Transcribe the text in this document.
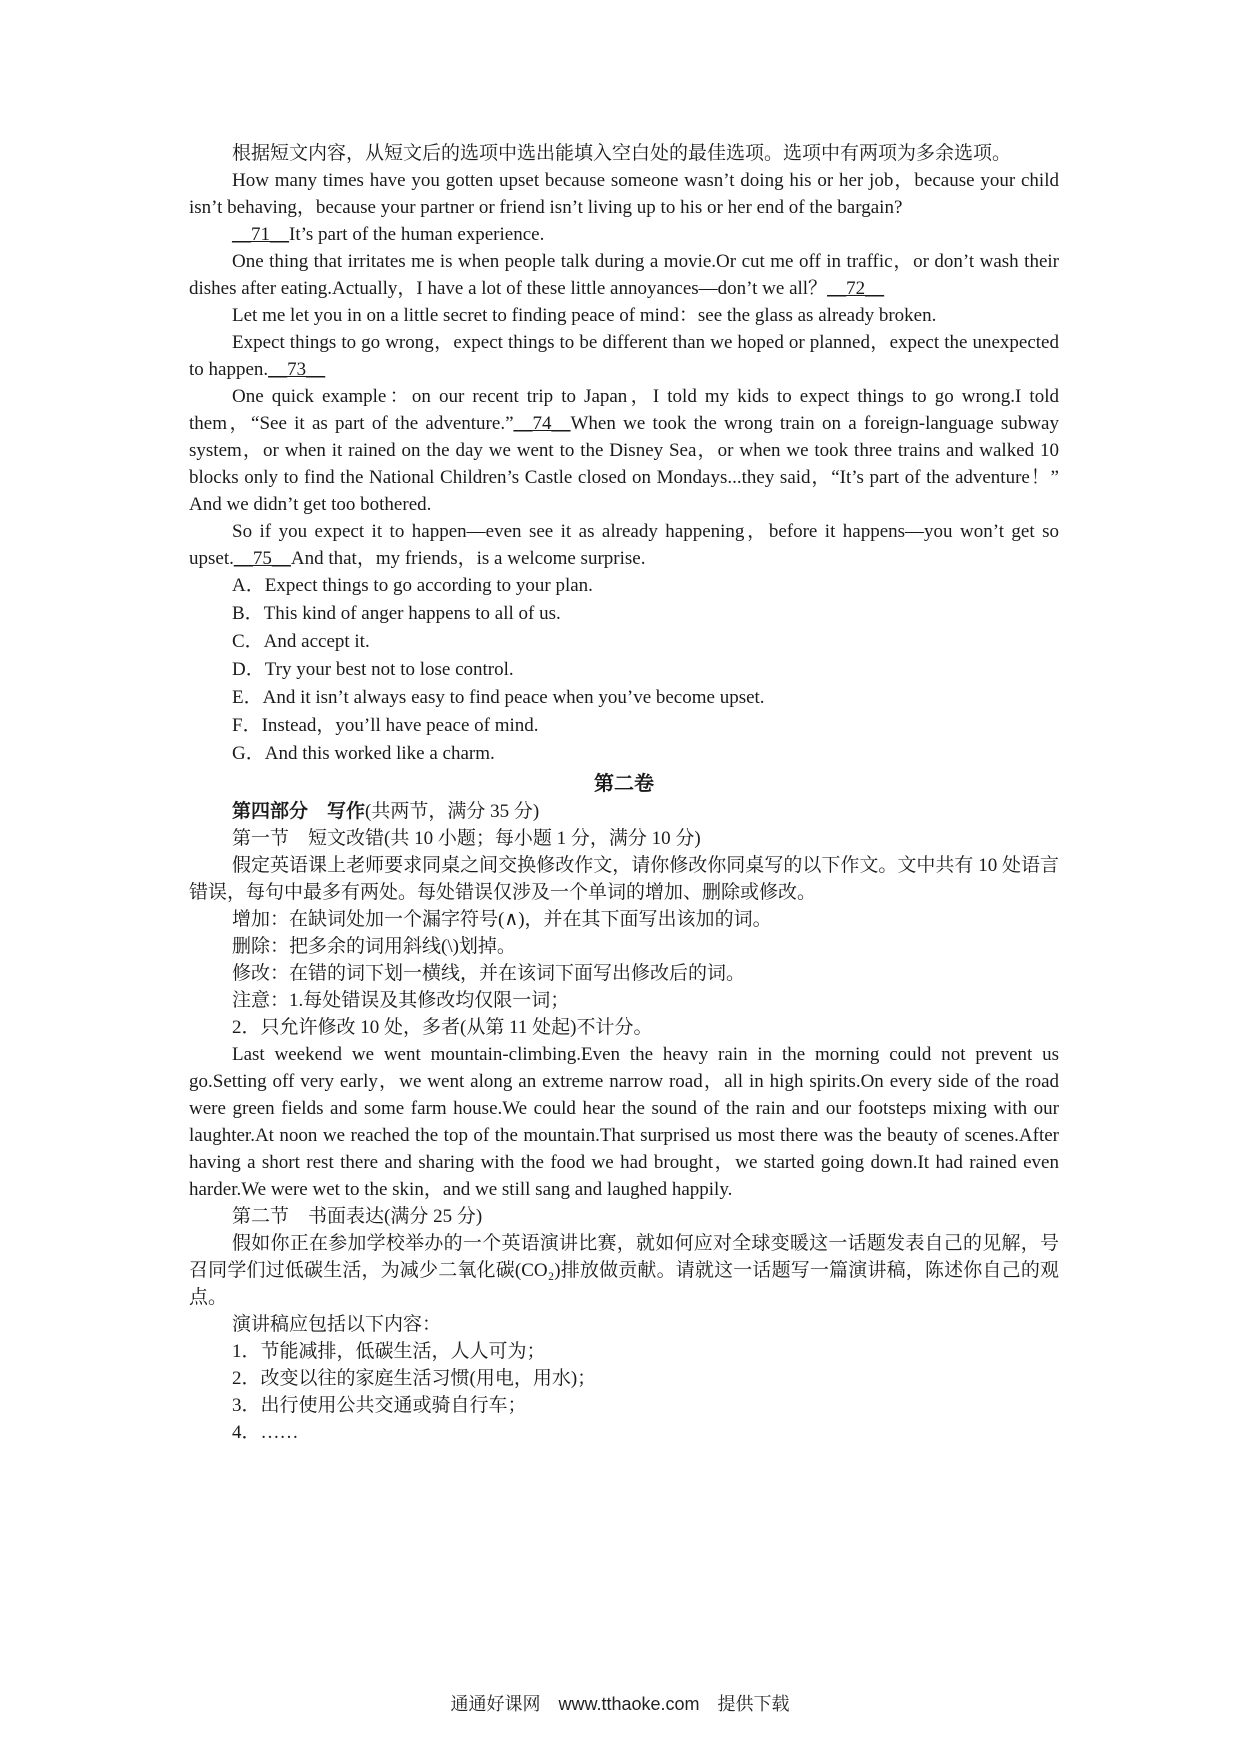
根据短文内容，从短文后的选项中选出能填入空白处的最佳选项。选项中有两项为多余选项。

How many times have you gotten upset because someone wasn’t doing his or her job，because your child isn’t behaving，because your partner or friend isn’t living up to his or her end of the bargain?

__71__It’s part of the human experience.

One thing that irritates me is when people talk during a movie.Or cut me off in traffic，or don’t wash their dishes after eating.Actually，I have a lot of these little annoyances—don’t we all？__72__

Let me let you in on a little secret to finding peace of mind：see the glass as already broken.

Expect things to go wrong，expect things to be different than we hoped or planned，expect the unexpected to happen.__73__

One quick example：on our recent trip to Japan，I told my kids to expect things to go wrong.I told them，“See it as part of the adventure.”__74__When we took the wrong train on a foreign-language subway system，or when it rained on the day we went to the Disney Sea，or when we took three trains and walked 10 blocks only to find the National Children’s Castle closed on Mondays...they said，“It’s part of the adventure！” And we didn’t get too bothered.

So if you expect it to happen—even see it as already happening，before it happens—you won’t get so upset.__75__And that，my friends，is a welcome surprise.

A．Expect things to go according to your plan.

B．This kind of anger happens to all of us.

C．And accept it.

D．Try your best not to lose control.

E．And it isn’t always easy to find peace when you’ve become upset.

F．Instead，you’ll have peace of mind.

G．And this worked like a charm.

第二卷

第四部分　写作(共两节，满分 35 分)

第一节　短文改错(共 10 小题；每小题 1 分，满分 10 分)

假定英语课上老师要求同桌之间交换修改作文，请你修改你同桌写的以下作文。文中共有 10 处语言错误，每句中最多有两处。每处错误仅涉及一个单词的增加、删除或修改。

增加：在缺词处加一个漏字符号(∧)，并在其下面写出该加的词。

删除：把多余的词用斜线(\)划掉。

修改：在错的词下划一横线，并在该词下面写出修改后的词。

注意：1.每处错误及其修改均仅限一词；

2．只允许修改 10 处，多者(从第 11 处起)不计分。

Last weekend we went mountain-climbing.Even the heavy rain in the morning could not prevent us go.Setting off very early，we went along an extreme narrow road，all in high spirits.On every side of the road were green fields and some farm house.We could hear the sound of the rain and our footsteps mixing with our laughter.At noon we reached the top of the mountain.That surprised us most there was the beauty of scenes.After having a short rest there and sharing with the food we had brought，we started going down.It had rained even harder.We were wet to the skin，and we still sang and laughed happily.

第二节　书面表达(满分 25 分)

假如你正在参加学校举办的一个英语演讲比赛，就如何应对全球变暖这一话题发表自己的见解，号召同学们过低碳生活，为减少二氧化碳(CO₂)排放做贡献。请就这一话题写一篇演讲稿，陈述你自己的观点。

演讲稿应包括以下内容：

1．节能减排，低碳生活，人人可为；

2．改变以往的家庭生活习惯(用电，用水)；

3．出行使用公共交通或骑自行车；

4．……

通通好课网　www.tthaoke.com　提供下载
